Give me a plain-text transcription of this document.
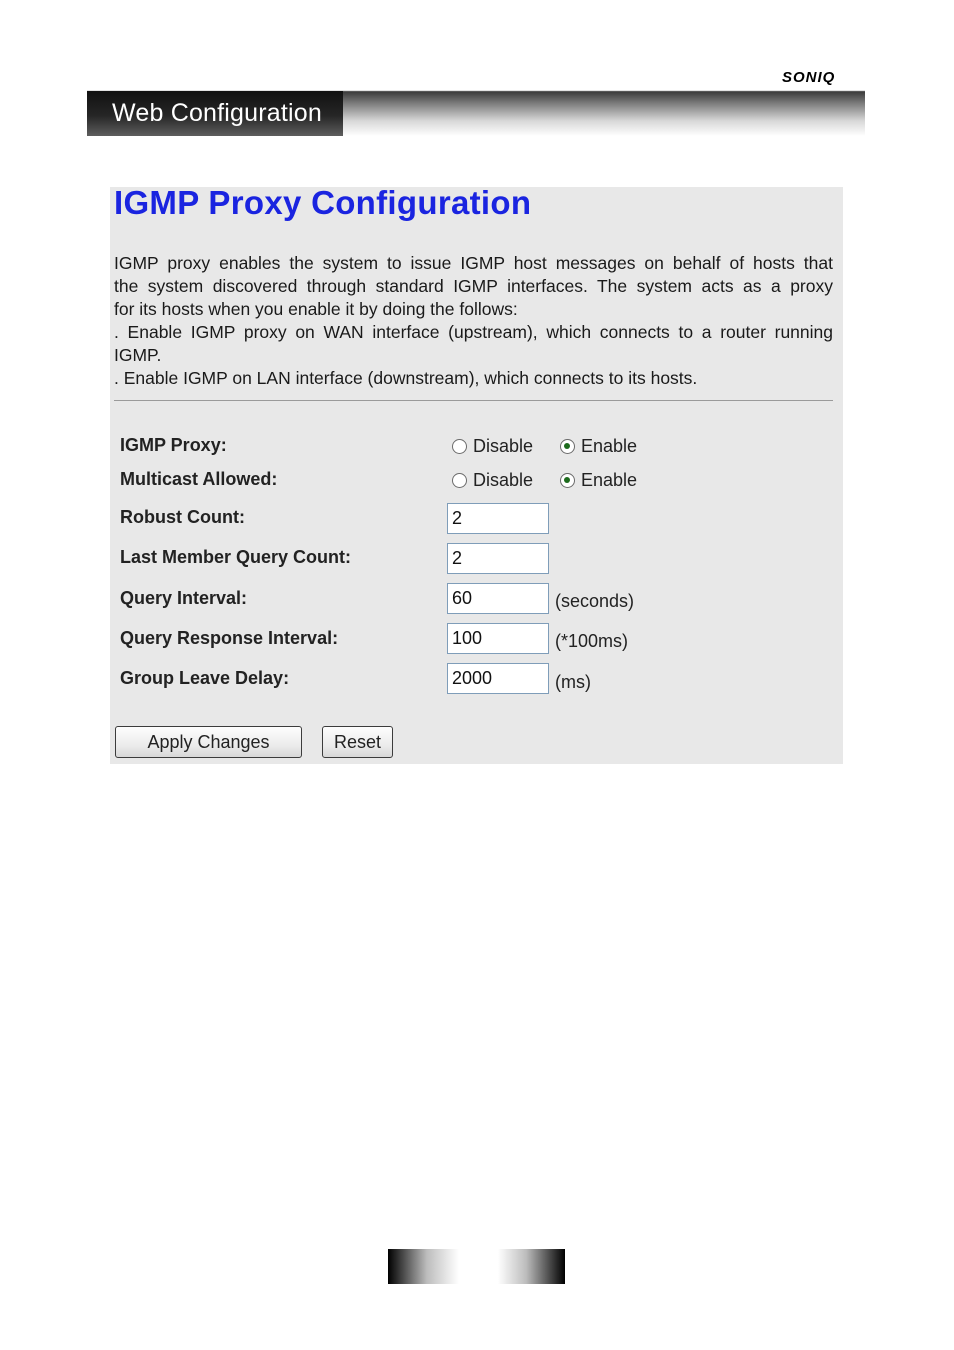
Web Configuration
SONIQ
IGMP Proxy Configuration
IGMP proxy enables the system to issue IGMP host messages on behalf of hosts that
the system discovered through standard IGMP interfaces. The system acts as a proxy
for its hosts when you enable it by doing the follows:
. Enable IGMP proxy on WAN interface (upstream), which connects to a router running
IGMP.
. Enable IGMP on LAN interface (downstream), which connects to its hosts.
IGMP Proxy:	Disable	Enable
Multicast Allowed:	Disable	Enable
Robust Count:
2
Last Member Query Count:
2
Query Interval:
60	(seconds)
Query Response Interval:
100	(*100ms)
Group Leave Delay:
2000	(ms)
Apply Changes	Reset
